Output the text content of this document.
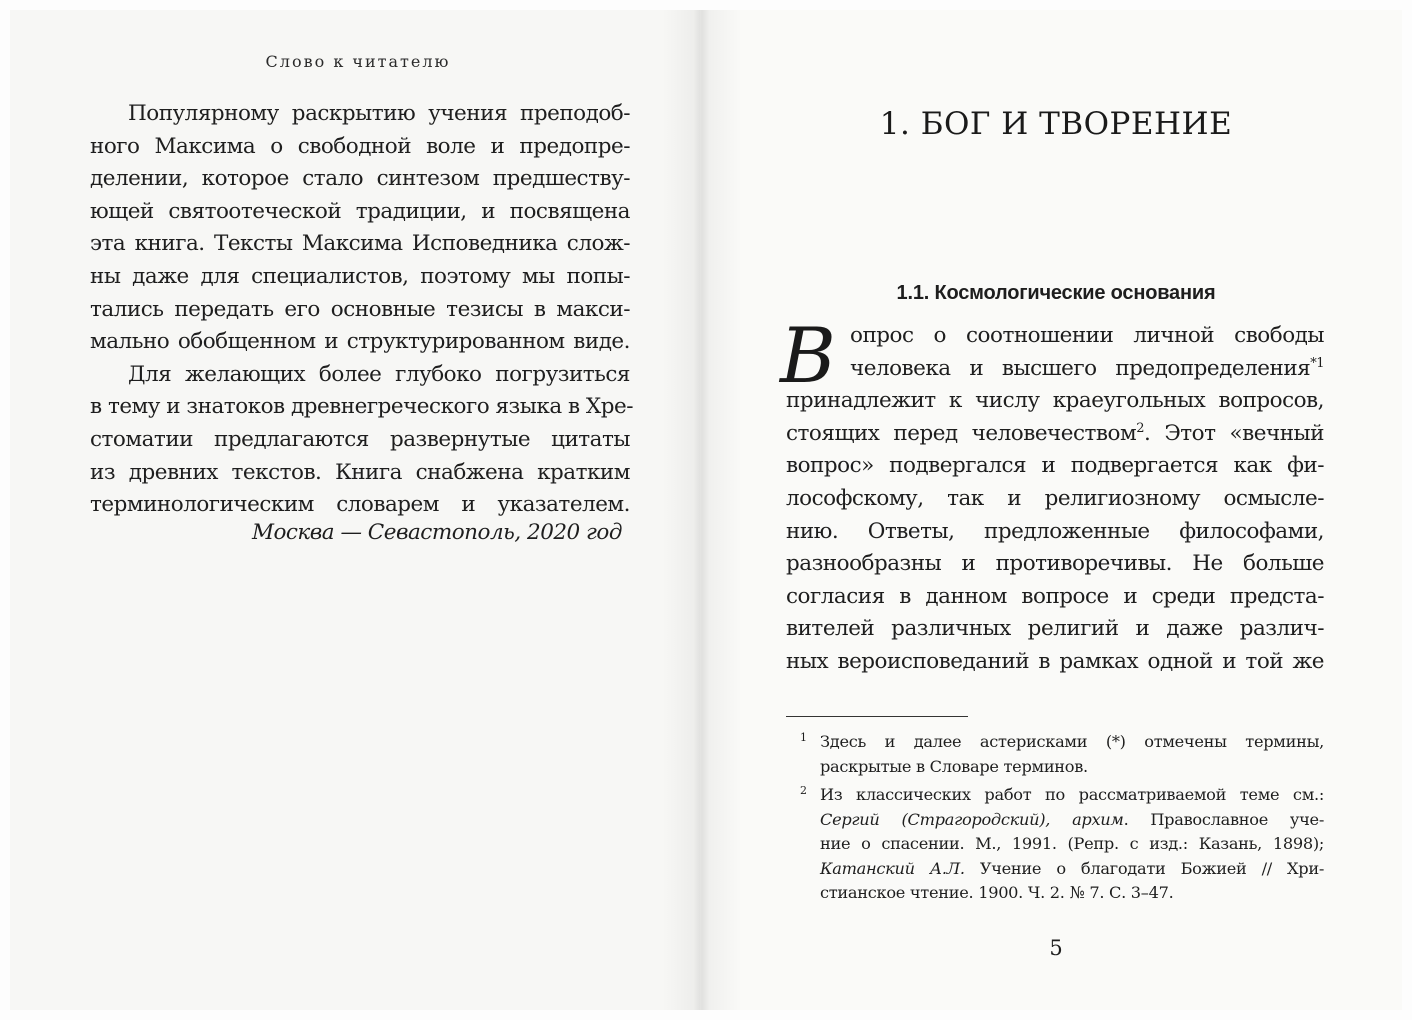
Слово к читателю
Популярному раскрытию учения преподоб-
ного Максима о свободной воле и предопре-
делении, которое стало синтезом предшеству-
ющей святоотеческой традиции, и посвящена
эта книга. Тексты Максима Исповедника слож-
ны даже для специалистов, поэтому мы попы-
тались передать его основные тезисы в макси-
мально обобщенном и структурированном виде.
Для желающих более глубоко погрузиться
в тему и знатоков древнегреческого языка в Хре-
стоматии предлагаются развернутые цитаты
из древних текстов. Книга снабжена кратким
терминологическим словарем и указателем.
Москва — Севастополь, 2020 год
1. БОГ И ТВОРЕНИЕ
1.1. Космологические основания
В опрос о соотношении личной свободы
человека и высшего предопределения$^{*1}$
принадлежит к числу краеугольных вопросов,
стоящих перед человечеством$^2$. Этот «вечный
вопрос» подвергался и подвергается как фи-
лософскому, так и религиозному осмысле-
нию. Ответы, предложенные философами,
разнообразны и противоречивы. Не больше
согласия в данном вопросе и среди предста-
вителей различных религий и даже различ-
ных вероисповеданий в рамках одной и той же
1 Здесь и далее астерисками (*) отмечены термины,
раскрытые в Словаре терминов.
2 Из классических работ по рассматриваемой теме см.:
Сергий (Страгородский), архим. Православное уче-
ние о спасении. М., 1991. (Репр. с изд.: Казань, 1898);
Катанский А.Л. Учение о благодати Божией // Хри-
стианское чтение. 1900. Ч. 2. № 7. С. 3–47.
5
